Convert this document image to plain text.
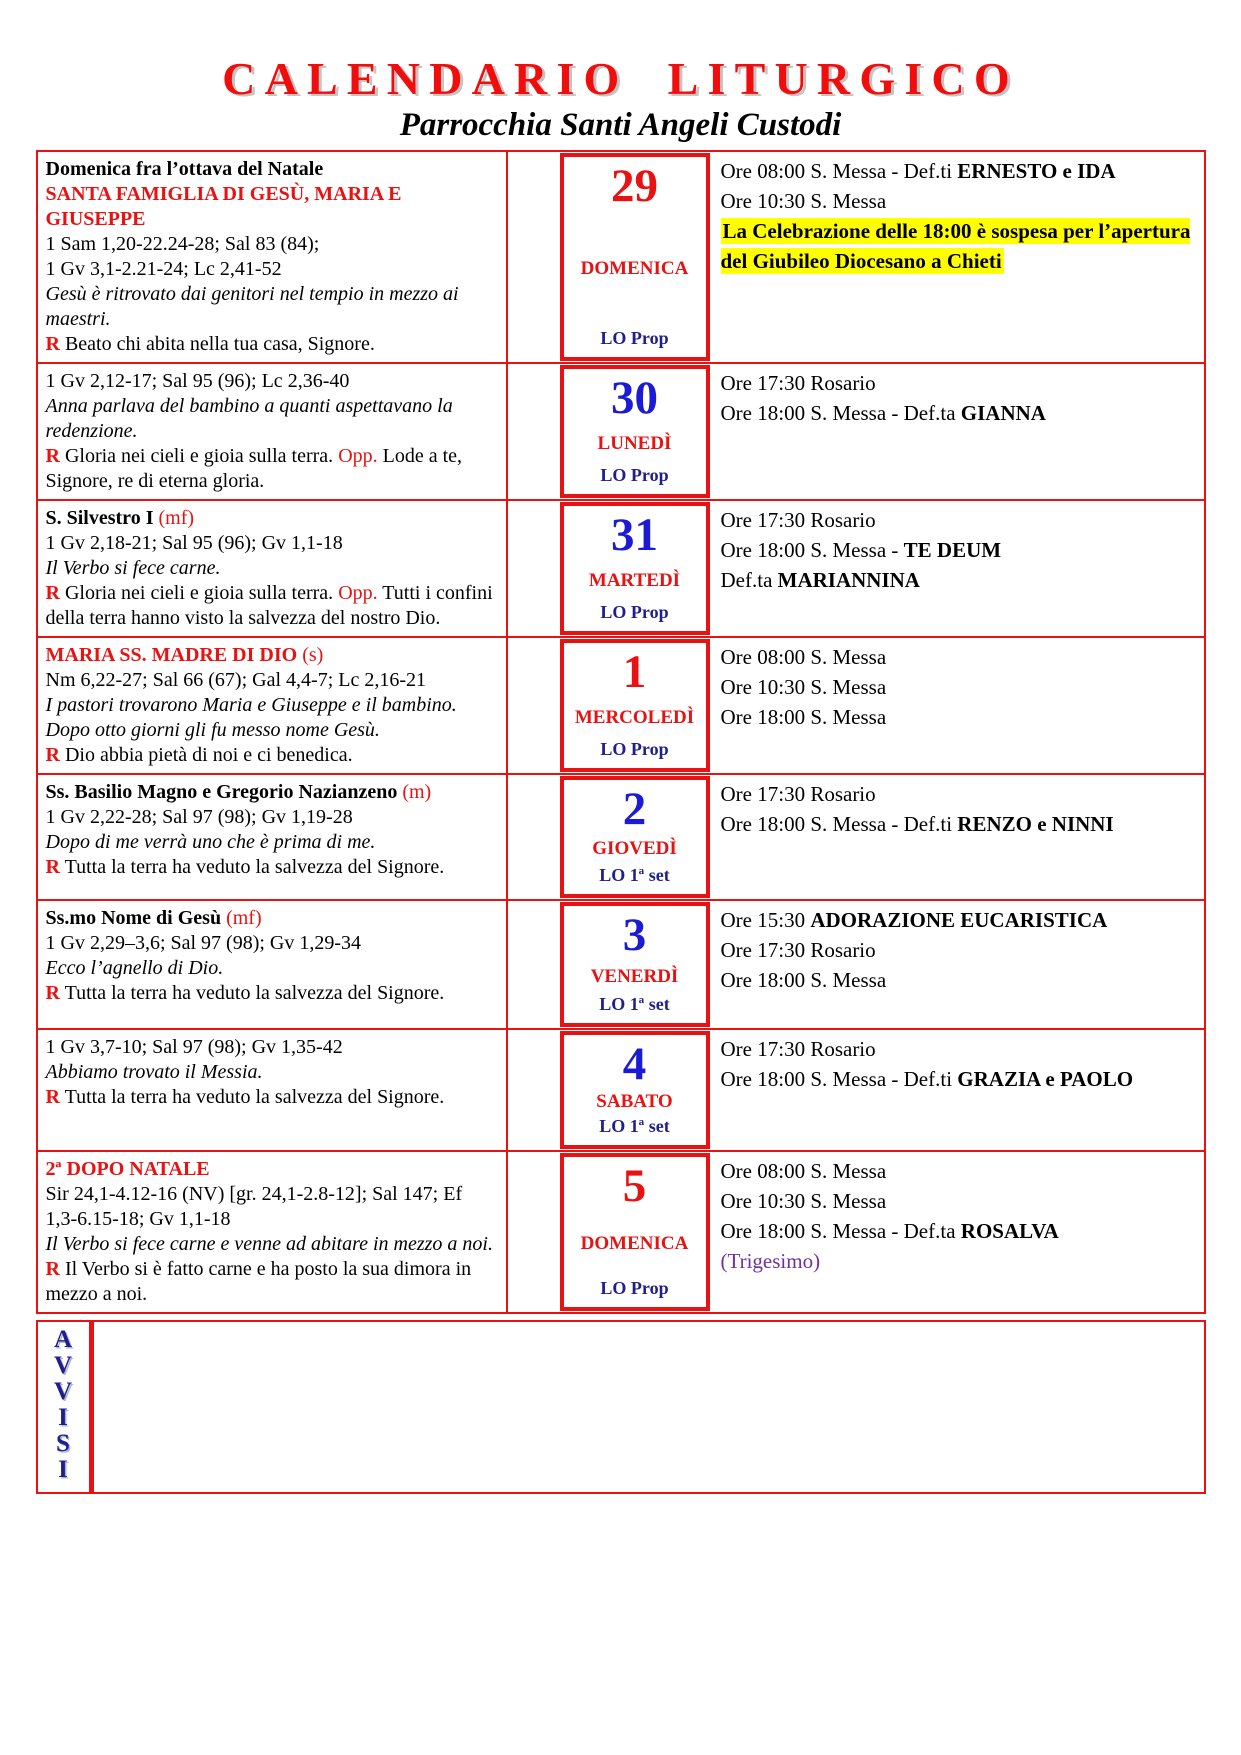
CALENDARIO LITURGICO
Parrocchia Santi Angeli Custodi

Domenica fra l’ottava del Natale

SANTA FAMIGLIA DI GESÙ, MARIA E GIUSEPPE

1 Sam 1,20-22.24-28; Sal 83 (84);

1 Gv 3,1-2.21-24; Lc 2,41-52

Gesù è ritrovato dai genitori nel tempio in mezzo ai maestri.

R Beato chi abita nella tua casa, Signore.

29
DOMENICA
LO Prop

Ore 08:00 S. Messa - Def.ti ERNESTO e IDA

Ore 10:30 S. Messa

La Celebrazione delle 18:00 è sospesa per l’apertura del Giubileo Diocesano a Chieti

1 Gv 2,12-17; Sal 95 (96); Lc 2,36-40

Anna parlava del bambino a quanti aspettavano la redenzione.

R Gloria nei cieli e gioia sulla terra. Opp. Lode a te, Signore, re di eterna gloria.

30
LUNEDÌ
LO Prop

Ore 17:30 Rosario

Ore 18:00 S. Messa - Def.ta GIANNA

S. Silvestro I (mf)

1 Gv 2,18-21; Sal 95 (96); Gv 1,1-18

Il Verbo si fece carne.

R Gloria nei cieli e gioia sulla terra. Opp. Tutti i confini della terra hanno visto la salvezza del nostro Dio.

31
MARTEDÌ
LO Prop

Ore 17:30 Rosario

Ore 18:00 S. Messa - TE DEUM

Def.ta MARIANNINA

MARIA SS. MADRE DI DIO (s)

Nm 6,22-27; Sal 66 (67); Gal 4,4-7; Lc 2,16-21

I pastori trovarono Maria e Giuseppe e il bambino. Dopo otto giorni gli fu messo nome Gesù.

R Dio abbia pietà di noi e ci benedica.

1
MERCOLEDÌ
LO Prop

Ore 08:00 S. Messa

Ore 10:30 S. Messa

Ore 18:00 S. Messa

Ss. Basilio Magno e Gregorio Nazianzeno (m)

1 Gv 2,22-28; Sal 97 (98); Gv 1,19-28

Dopo di me verrà uno che è prima di me.

R Tutta la terra ha veduto la salvezza del Signore.

2
GIOVEDÌ
LO 1ª set

Ore 17:30 Rosario

Ore 18:00 S. Messa - Def.ti RENZO e NINNI

Ss.mo Nome di Gesù (mf)

1 Gv 2,29–3,6; Sal 97 (98); Gv 1,29-34

Ecco l’agnello di Dio.

R Tutta la terra ha veduto la salvezza del Signore.

3
VENERDÌ
LO 1ª set

Ore 15:30 ADORAZIONE EUCARISTICA

Ore 17:30 Rosario

Ore 18:00 S. Messa

1 Gv 3,7-10; Sal 97 (98); Gv 1,35-42

Abbiamo trovato il Messia.

R Tutta la terra ha veduto la salvezza del Signore.

4
SABATO
LO 1ª set

Ore 17:30 Rosario

Ore 18:00 S. Messa - Def.ti GRAZIA e PAOLO

2ª DOPO NATALE

Sir 24,1-4.12-16 (NV) [gr. 24,1-2.8-12]; Sal 147; Ef 1,3-6.15-18; Gv 1,1-18

Il Verbo si fece carne e venne ad abitare in mezzo a noi. R Il Verbo si è fatto carne e ha posto la sua dimora in mezzo a noi.

5
DOMENICA
LO Prop

Ore 08:00 S. Messa

Ore 10:30 S. Messa

Ore 18:00 S. Messa - Def.ta ROSALVA

(Trigesimo)

A
V
V
I
S
I
